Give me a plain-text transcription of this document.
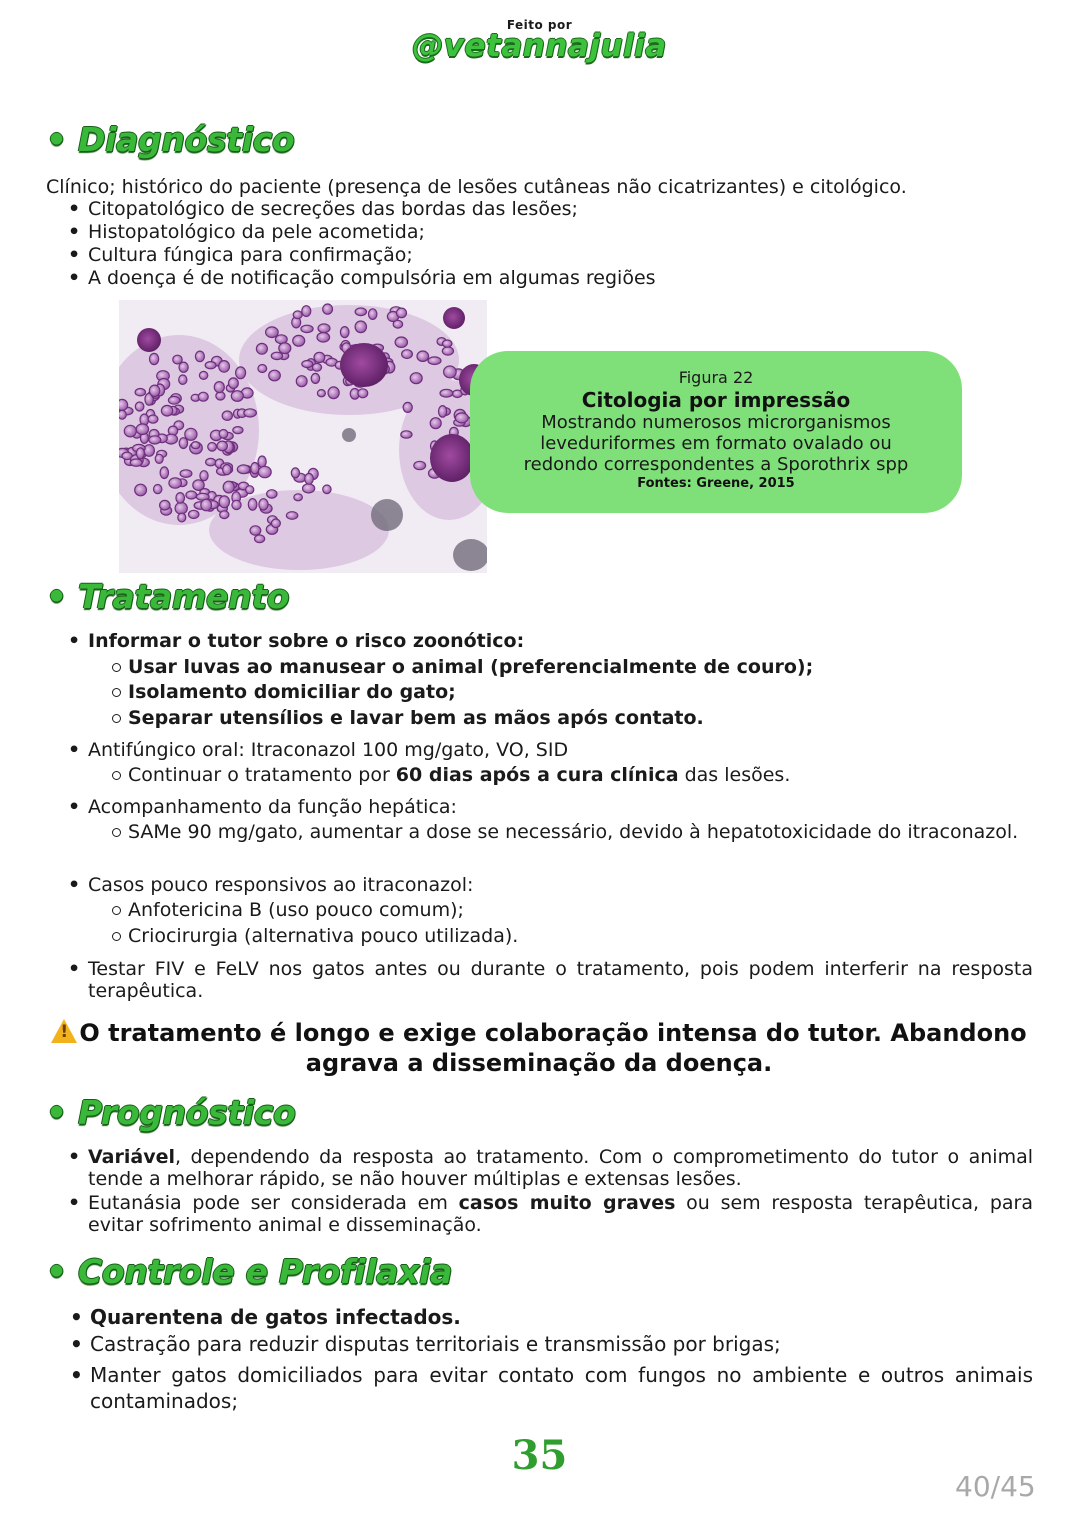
Feito por
@vetannajulia
• Diagnóstico
Clínico; histórico do paciente (presença de lesões cutâneas não cicatrizantes) e citológico.
• Citopatológico de secreções das bordas das lesões;
• Histopatológico da pele acometida;
• Cultura fúngica para confirmação;
• A doença é de notificação compulsória em algumas regiões
Figura 22
Citologia por impressão
Mostrando numerosos microrganismos
leveduriformes em formato ovalado ou
redondo correspondentes a Sporothrix spp
Fontes: Greene, 2015
• Tratamento
• Informar o tutor sobre o risco zoonótico:
Usar luvas ao manusear o animal (preferencialmente de couro);
Isolamento domiciliar do gato;
Separar utensílios e lavar bem as mãos após contato.
• Antifúngico oral: Itraconazol 100 mg/gato, VO, SID
Continuar o tratamento por 60 dias após a cura clínica das lesões.
• Acompanhamento da função hepática:
SAMe 90 mg/gato, aumentar a dose se necessário, devido à hepatotoxicidade do itraconazol.
• Casos pouco responsivos ao itraconazol:
Anfotericina B (uso pouco comum);
Criocirurgia (alternativa pouco utilizada).
• Testar FIV e FeLV nos gatos antes ou durante o tratamento, pois podem interferir na resposta terapêutica.
!O tratamento é longo e exige colaboração intensa do tutor. Abandono
agrava a disseminação da doença.
• Prognóstico
• Variável, dependendo da resposta ao tratamento. Com o comprometimento do tutor o animal tende a melhorar rápido, se não houver múltiplas e extensas lesões.
• Eutanásia pode ser considerada em casos muito graves ou sem resposta terapêutica, para evitar sofrimento animal e disseminação.
• Controle e Profilaxia
• Quarentena de gatos infectados.
• Castração para reduzir disputas territoriais e transmissão por brigas;
• Manter gatos domiciliados para evitar contato com fungos no ambiente e outros animais contaminados;
35
40/45
